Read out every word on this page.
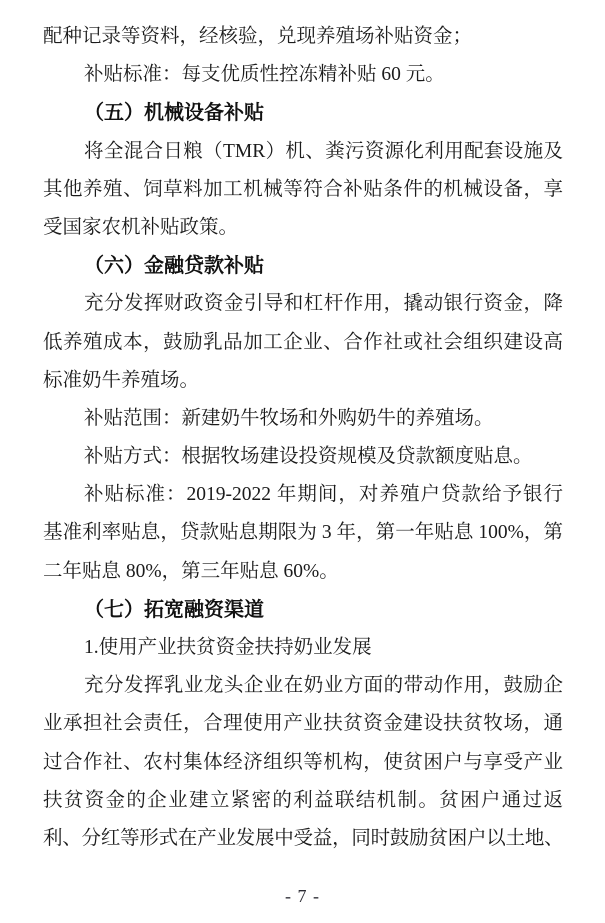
配种记录等资料，经核验，兑现养殖场补贴资金；
补贴标准：每支优质性控冻精补贴 60 元。
（五）机械设备补贴
将全混合日粮（TMR）机、粪污资源化利用配套设施及
其他养殖、饲草料加工机械等符合补贴条件的机械设备，享
受国家农机补贴政策。
（六）金融贷款补贴
充分发挥财政资金引导和杠杆作用，撬动银行资金，降
低养殖成本，鼓励乳品加工企业、合作社或社会组织建设高
标准奶牛养殖场。
补贴范围：新建奶牛牧场和外购奶牛的养殖场。
补贴方式：根据牧场建设投资规模及贷款额度贴息。
补贴标准：2019-2022 年期间，对养殖户贷款给予银行
基准利率贴息，贷款贴息期限为 3 年，第一年贴息 100%，第
二年贴息 80%，第三年贴息 60%。
（七）拓宽融资渠道
1.使用产业扶贫资金扶持奶业发展
充分发挥乳业龙头企业在奶业方面的带动作用，鼓励企
业承担社会责任，合理使用产业扶贫资金建设扶贫牧场，通
过合作社、农村集体经济组织等机构，使贫困户与享受产业
扶贫资金的企业建立紧密的利益联结机制。贫困户通过返
利、分红等形式在产业发展中受益，同时鼓励贫困户以土地、
- 7 -
